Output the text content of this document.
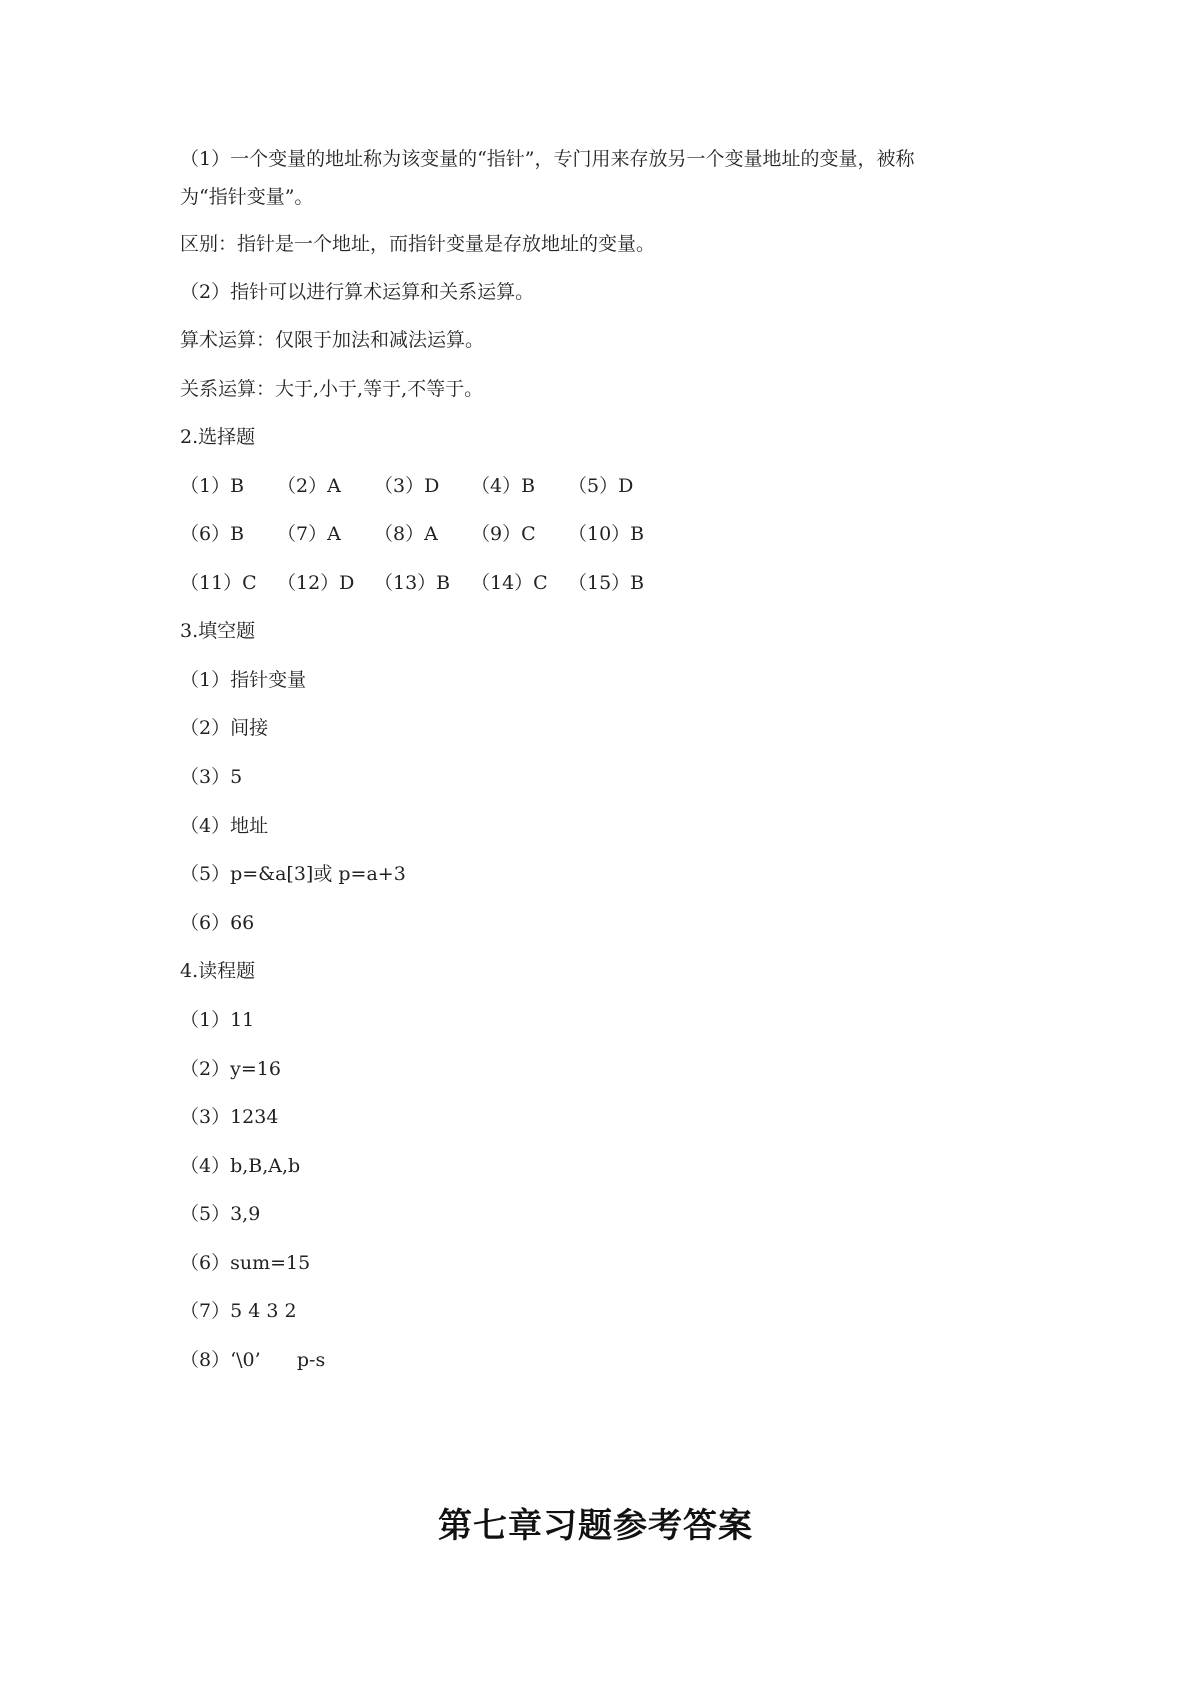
（1）一个变量的地址称为该变量的“指针”，专门用来存放另一个变量地址的变量，被称
为“指针变量”。
区别：指针是一个地址，而指针变量是存放地址的变量。
（2）指针可以进行算术运算和关系运算。
算术运算：仅限于加法和减法运算。
关系运算：大于,小于,等于,不等于。
2.选择题

（1）B

（2）A

（3）D

（4）B

（5）D

（6）B

（7）A

（8）A

（9）C

（10）B

（11）C

（12）D

（13）B

（14）C

（15）B

3.填空题
（1）指针变量
（2）间接
（3）5
（4）地址
（5）p=&a[3]或 p=a+3
（6）66
4.读程题
（1）11
（2）y=16
（3）1234
（4）b,B,A,b
（5）3,9
（6）sum=15
（7）5 4 3 2
（8）‘\0’      p-s
第七章习题参考答案
